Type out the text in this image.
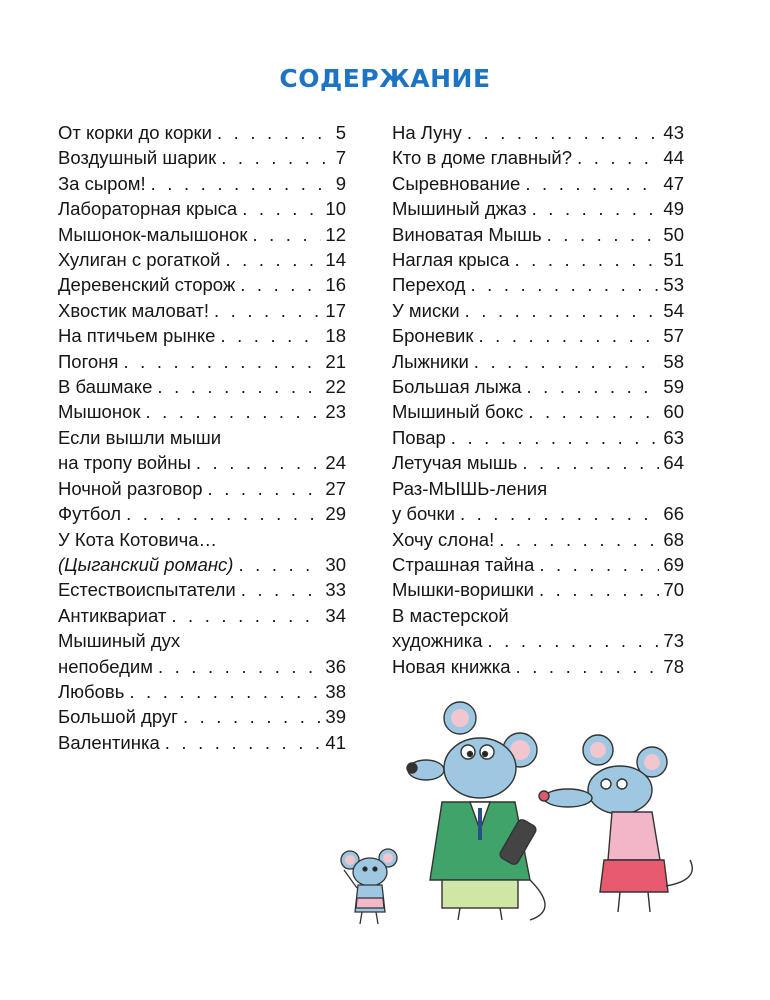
СОДЕРЖАНИЕ
От корки до корки . . .	5
Воздушный шарик . . .	7
За сыром! . . .	9
Лабораторная крыса . . .	10
Мышонок-малышонок . . .	12
Хулиган с рогаткой . . .	14
Деревенский сторож . . .	16
Хвостик маловат! . . .	17
На птичьем рынке . . .	18
Погоня . . .	21
В башмаке . . .	22
Мышонок . . .	23
Если вышли мыши
на тропу войны . . .	24
Ночной разговор . . .	27
Футбол . . .	29
У Кота Котовича…
(Цыганский романс) . . .	30
Естествоиспытатели . . .	33
Антиквариат . . .	34
Мышиный дух
непобедим . . .	36
Любовь . . .	38
Большой друг . . .	39
Валентинка . . .	41
На Луну . . .	43
Кто в доме главный? . . .	44
Сыревнование . . .	47
Мышиный джаз . . .	49
Виноватая Мышь . . .	50
Наглая крыса . . .	51
Переход . . .	53
У миски . . .	54
Броневик . . .	57
Лыжники . . .	58
Большая лыжа . . .	59
Мышиный бокс . . .	60
Повар . . .	63
Летучая мышь . . .	64
Раз-МЫШЬ-ления
у бочки . . .	66
Хочу слона! . . .	68
Страшная тайна . . .	69
Мышки-воришки . . .	70
В мастерской
художника . . .	73
Новая книжка . . .	78
